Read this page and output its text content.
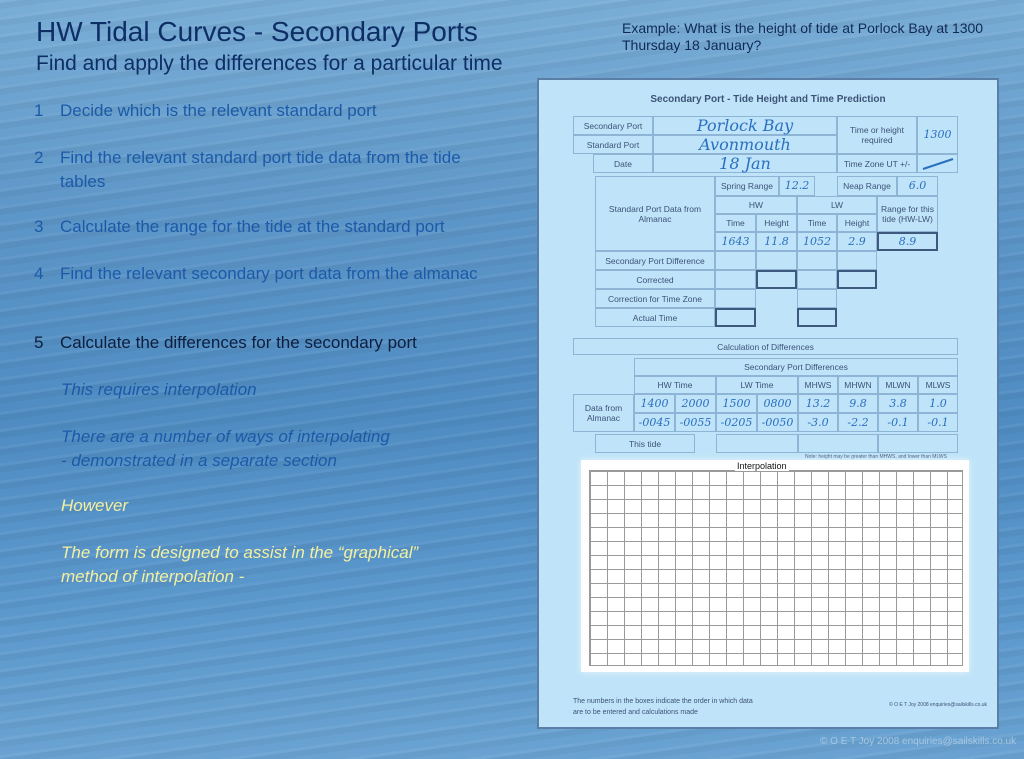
HW Tidal Curves - Secondary Ports
Find and apply the differences for a particular time
Example: What is the height of tide at Porlock Bay at 1300 Thursday 18 January?
1 Decide which is the relevant standard port
2 Find the relevant standard port tide data from the tide tables
3 Calculate the range for the tide at the standard port
4 Find the relevant secondary port data from the almanac
5 Calculate the differences for the secondary port
This requires interpolation
There are a number of ways of interpolating
- demonstrated in a separate section
However
The form is designed to assist in the “graphical”
method of interpolation -
Secondary Port - Tide Height and Time Prediction
Secondary Port	Porlock Bay
Standard Port	Avonmouth
Date	18 Jan
Time or height required	1300
Time Zone UT +/-
Standard Port Data from Almanac
Spring Range	12.2	Neap Range	6.0
HW	LW	Range for this tide (HW-LW)
Time	Height	Time	Height
1643 11.8 1052 2.9	8.9
Secondary Port Difference
Corrected
Correction for Time Zone
Actual Time
Calculation of Differences
Secondary Port Differences
HW Time	LW Time	MHWS	MHWN	MLWN	MLWS
Data from Almanac
1400 2000 1500 0800 13.2 9.8 3.8 1.0
-0045 -0055 -0205 -0050 -3.0 -2.2 -0.1 -0.1
This tide
Note: height may be greater than MHWS, and lower than MLWS
Interpolation
The numbers in the boxes indicate the order in which data
are to be entered and calculations made
© O E T Joy 2008 enquiries@sailskills.co.uk
© O E T Joy 2008 enquiries@sailskills.co.uk
